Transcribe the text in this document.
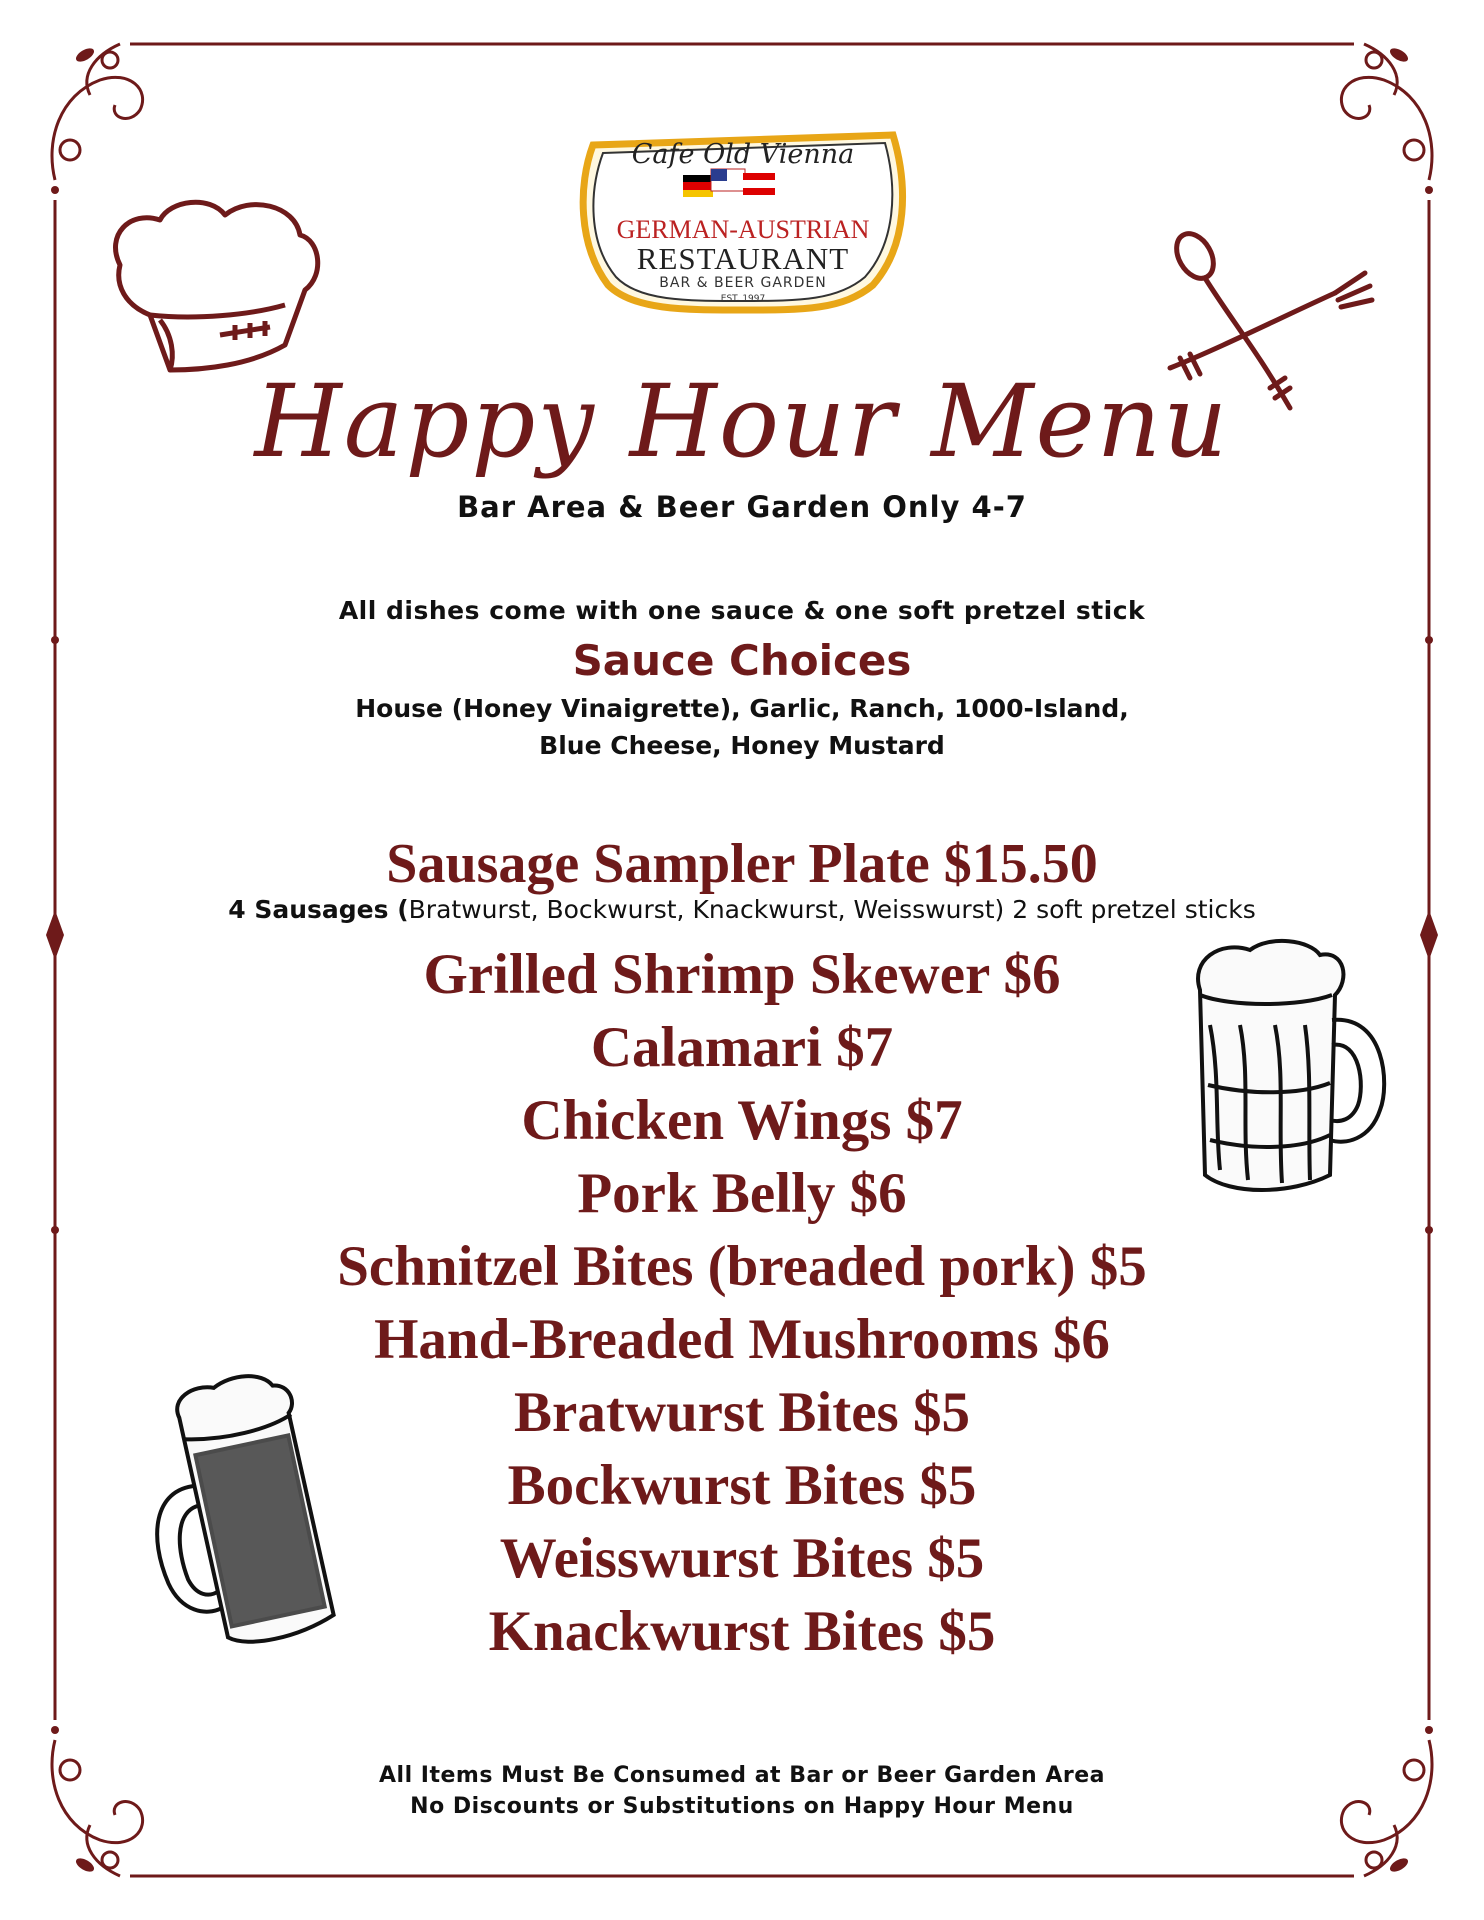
Cafe Old Vienna
GERMAN-AUSTRIAN
RESTAURANT
BAR & BEER GARDEN
EST. 1997
Happy Hour Menu
Bar Area & Beer Garden Only 4-7
All dishes come with one sauce & one soft pretzel stick
Sauce Choices
House (Honey Vinaigrette), Garlic, Ranch, 1000-Island,
Blue Cheese, Honey Mustard
Sausage Sampler Plate $15.50
4 Sausages (Bratwurst, Bockwurst, Knackwurst, Weisswurst) 2 soft pretzel sticks
Grilled Shrimp Skewer $6
Calamari $7
Chicken Wings $7
Pork Belly $6
Schnitzel Bites (breaded pork) $5
Hand-Breaded Mushrooms $6
Bratwurst Bites $5
Bockwurst Bites $5
Weisswurst Bites $5
Knackwurst Bites $5
All Items Must Be Consumed at Bar or Beer Garden Area
No Discounts or Substitutions on Happy Hour Menu
